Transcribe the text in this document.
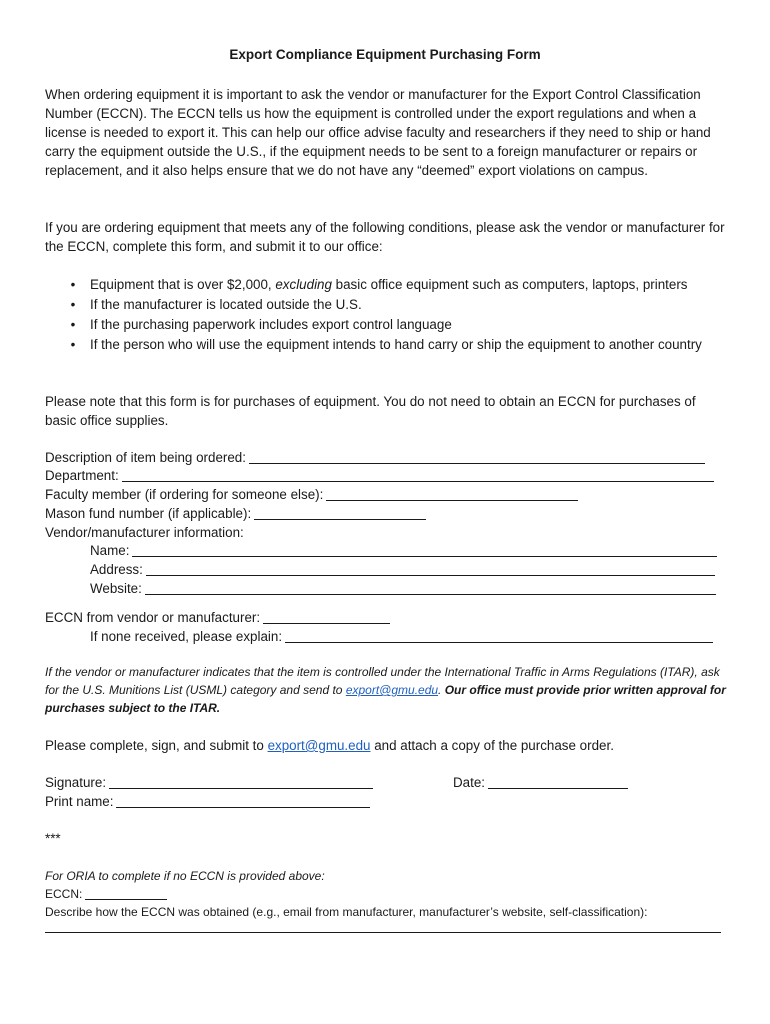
Export Compliance Equipment Purchasing Form
When ordering equipment it is important to ask the vendor or manufacturer for the Export Control Classification Number (ECCN). The ECCN tells us how the equipment is controlled under the export regulations and when a license is needed to export it. This can help our office advise faculty and researchers if they need to ship or hand carry the equipment outside the U.S., if the equipment needs to be sent to a foreign manufacturer or repairs or replacement, and it also helps ensure that we do not have any “deemed” export violations on campus.
If you are ordering equipment that meets any of the following conditions, please ask the vendor or manufacturer for the ECCN, complete this form, and submit it to our office:
• Equipment that is over $2,000, excluding basic office equipment such as computers, laptops, printers
• If the manufacturer is located outside the U.S.
• If the purchasing paperwork includes export control language
• If the person who will use the equipment intends to hand carry or ship the equipment to another country
Please note that this form is for purchases of equipment. You do not need to obtain an ECCN for purchases of basic office supplies.
Description of item being ordered:
Department:
Faculty member (if ordering for someone else):
Mason fund number (if applicable):
Vendor/manufacturer information:
Name:
Address:
Website:
ECCN from vendor or manufacturer:
If none received, please explain:
If the vendor or manufacturer indicates that the item is controlled under the International Traffic in Arms Regulations (ITAR), ask for the U.S. Munitions List (USML) category and send to export@gmu.edu. Our office must provide prior written approval for purchases subject to the ITAR.
Please complete, sign, and submit to export@gmu.edu and attach a copy of the purchase order.
Signature:	Date:
Print name:
***
For ORIA to complete if no ECCN is provided above:
ECCN:
Describe how the ECCN was obtained (e.g., email from manufacturer, manufacturer’s website, self-classification):
